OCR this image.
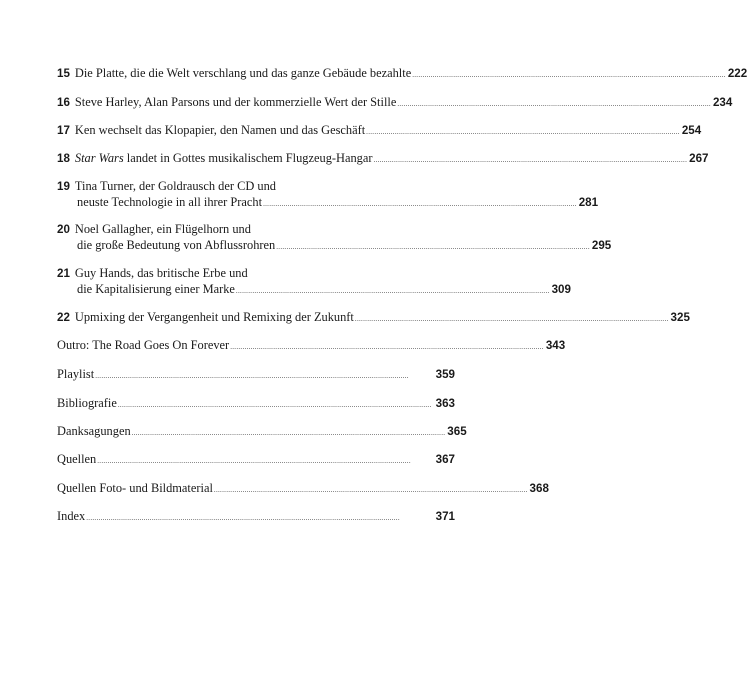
15 Die Platte, die die Welt verschlang und das ganze Gebäude bezahlte ......................................................................................................................................................... 222
16 Steve Harley, Alan Parsons und der kommerzielle Wert der Stille ......................................................................................................................................................... 234
17 Ken wechselt das Klopapier, den Namen und das Geschäft ......................................................................................................................................................... 254
18 Star Wars landet in Gottes musikalischem Flugzeug-Hangar ......................................................................................................................................................... 267
19 Tina Turner, der Goldrausch der CD und
neuste Technologie in all ihrer Pracht ......................................................................................................................................................... 281
20 Noel Gallagher, ein Flügelhorn und
die große Bedeutung von Abflussrohren ......................................................................................................................................................... 295
21 Guy Hands, das britische Erbe und
die Kapitalisierung einer Marke ......................................................................................................................................................... 309
22 Upmixing der Vergangenheit und Remixing der Zukunft ......................................................................................................................................................... 325
Outro: The Road Goes On Forever ......................................................................................................................................................... 343
Playlist .........................................................................................................................................................	359
Bibliografie ......................................................................................................................................................... 363
Danksagungen ......................................................................................................................................................... 365
Quellen .........................................................................................................................................................	367
Quellen Foto- und Bildmaterial ......................................................................................................................................................... 368
Index .........................................................................................................................................................	371
